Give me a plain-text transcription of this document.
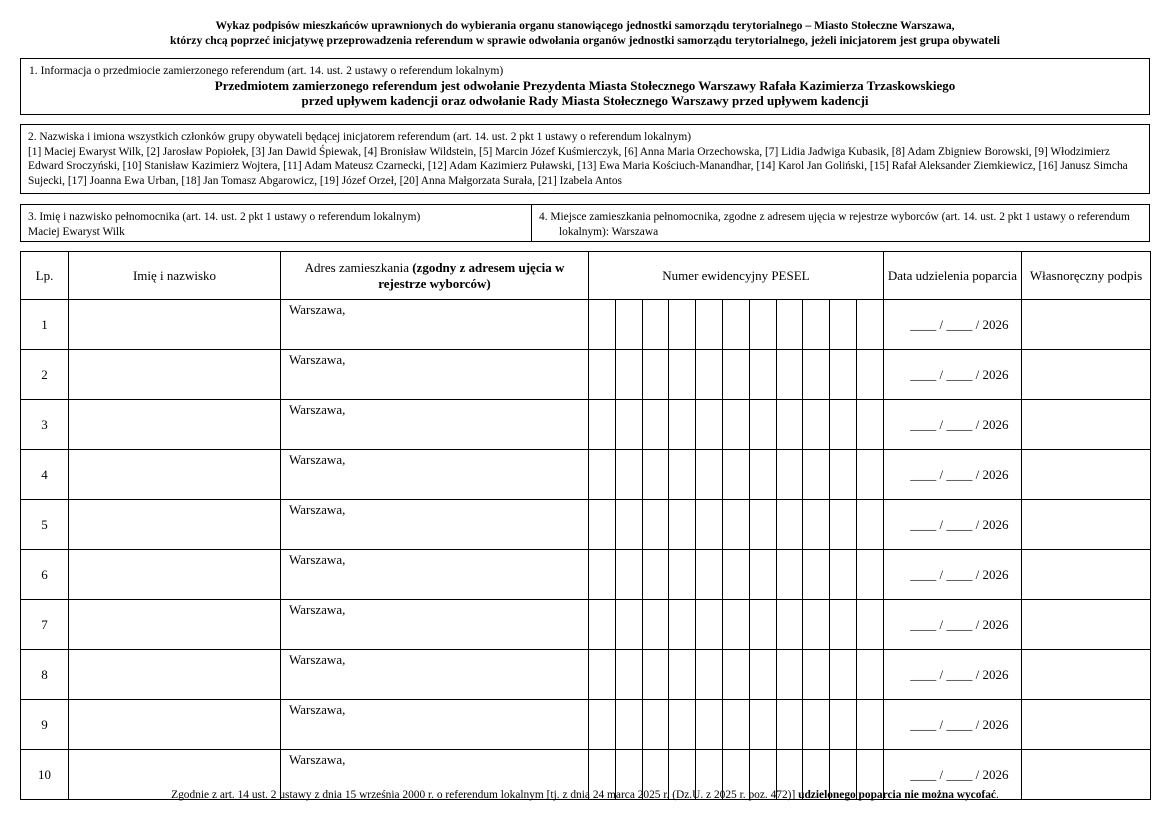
Wykaz podpisów mieszkańców uprawnionych do wybierania organu stanowiącego jednostki samorządu terytorialnego – Miasto Stołeczne Warszawa,
którzy chcą poprzeć inicjatywę przeprowadzenia referendum w sprawie odwołania organów jednostki samorządu terytorialnego, jeżeli inicjatorem jest grupa obywateli
1. Informacja o przedmiocie zamierzonego referendum (art. 14. ust. 2 ustawy o referendum lokalnym)
Przedmiotem zamierzonego referendum jest odwołanie Prezydenta Miasta Stołecznego Warszawy Rafała Kazimierza Trzaskowskiego
przed upływem kadencji oraz odwołanie Rady Miasta Stołecznego Warszawy przed upływem kadencji
2. Nazwiska i imiona wszystkich członków grupy obywateli będącej inicjatorem referendum (art. 14. ust. 2 pkt 1 ustawy o referendum lokalnym)
[1] Maciej Ewaryst Wilk, [2] Jarosław Popiołek, [3] Jan Dawid Śpiewak, [4] Bronisław Wildstein, [5] Marcin Józef Kuśmierczyk, [6] Anna Maria Orzechowska, [7] Lidia Jadwiga Kubasik, [8] Adam Zbigniew Borowski, [9] Włodzimierz Edward Sroczyński, [10] Stanisław Kazimierz Wojtera, [11] Adam Mateusz Czarnecki, [12] Adam Kazimierz Puławski, [13] Ewa Maria Kościuch-Manandhar, [14] Karol Jan Goliński, [15] Rafał Aleksander Ziemkiewicz, [16] Janusz Simcha Sujecki, [17] Joanna Ewa Urban, [18] Jan Tomasz Abgarowicz, [19] Józef Orzeł, [20] Anna Małgorzata Surała, [21] Izabela Antos
3. Imię i nazwisko pełnomocnika (art. 14. ust. 2 pkt 1 ustawy o referendum lokalnym)
Maciej Ewaryst Wilk
4. Miejsce zamieszkania pełnomocnika, zgodne z adresem ujęcia w rejestrze wyborców (art. 14. ust. 2 pkt 1 ustawy o referendum lokalnym): Warszawa
Lp.	Imię i nazwisko	Adres zamieszkania (zgodny z adresem ujęcia w rejestrze wyborców)	Numer ewidencyjny PESEL											Data udzielenia poparcia	Własnoręczny podpis
1		Warszawa,												____ / ____ / 2026	
2		Warszawa,												____ / ____ / 2026	
3		Warszawa,												____ / ____ / 2026	
4		Warszawa,												____ / ____ / 2026	
5		Warszawa,												____ / ____ / 2026	
6		Warszawa,												____ / ____ / 2026	
7		Warszawa,												____ / ____ / 2026	
8		Warszawa,												____ / ____ / 2026	
9		Warszawa,												____ / ____ / 2026	
10		Warszawa,												____ / ____ / 2026	
Zgodnie z art. 14 ust. 2 ustawy z dnia 15 września 2000 r. o referendum lokalnym [tj. z dnia 24 marca 2025 r. (Dz.U. z 2025 r. poz. 472)] udzielonego poparcia nie można wycofać.
